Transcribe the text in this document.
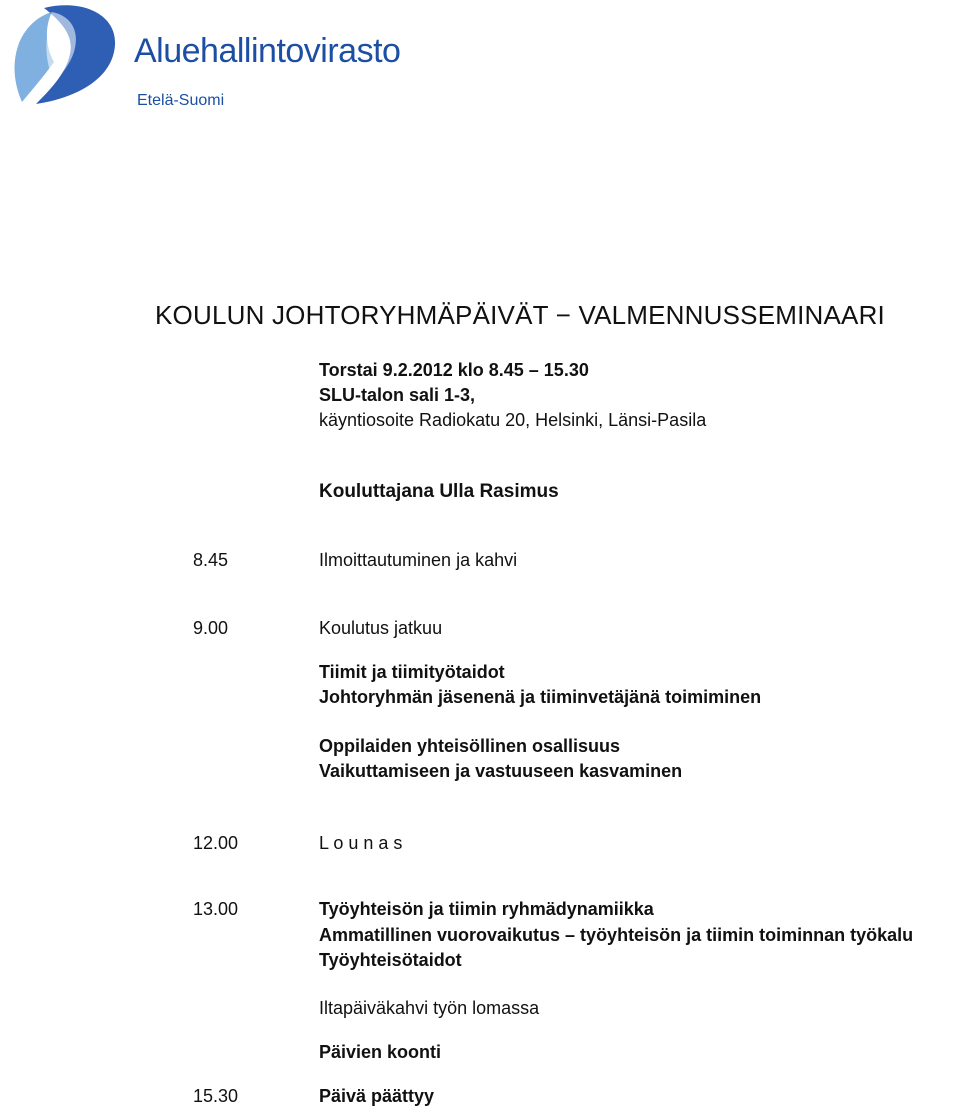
Aluehallintovirasto
Etelä-Suomi
KOULUN JOHTORYHMÄPÄIVÄT − VALMENNUSSEMINAARI
Torstai 9.2.2012 klo 8.45 – 15.30
SLU-talon sali 1-3,
käyntiosoite Radiokatu 20, Helsinki, Länsi-Pasila
Kouluttajana Ulla Rasimus
8.45	Ilmoittautuminen ja kahvi
9.00	Koulutus jatkuu
Tiimit ja tiimityötaidot
Johtoryhmän jäsenenä ja tiiminvetäjänä toimiminen
Oppilaiden yhteisöllinen osallisuus
Vaikuttamiseen ja vastuuseen kasvaminen
12.00	L o u n a s
13.00	Työyhteisön ja tiimin ryhmädynamiikka
Ammatillinen vuorovaikutus – työyhteisön ja tiimin toiminnan työkalu
Työyhteisötaidot
Iltapäiväkahvi työn lomassa
Päivien koonti
15.30	Päivä päättyy
